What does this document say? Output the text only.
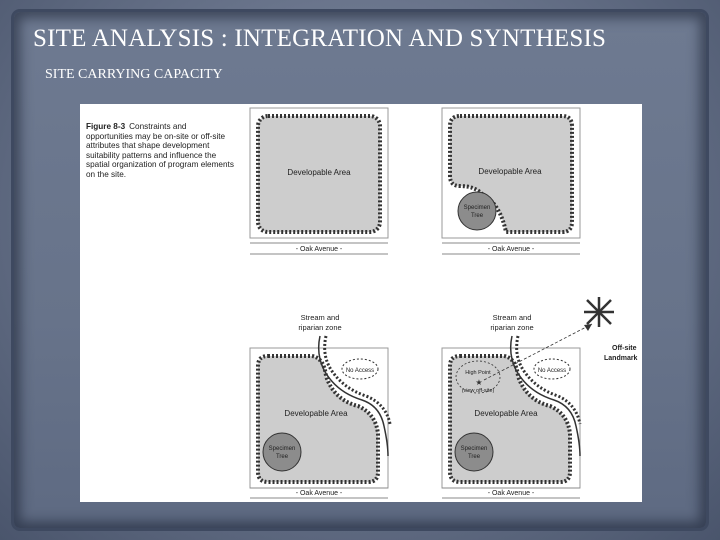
SITE ANALYSIS : INTEGRATION AND SYNTHESIS

SITE CARRYING CAPACITY

Figure 8-3 Constraints and opportunities may be on-site or off-site attributes that shape development suitability patterns and influence the spatial organization of program elements on the site.	Developable Area
- Oak Avenue -
Specimen
Tree
Developable Area
- Oak Avenue -
Stream and
riparian zone
No Access
Specimen
Tree
Developable Area
- Oak Avenue -
Stream and
riparian zone
Off-site
Landmark
No Access
High Point
(view off-site)
★
Specimen
Tree
Developable Area
- Oak Avenue -
